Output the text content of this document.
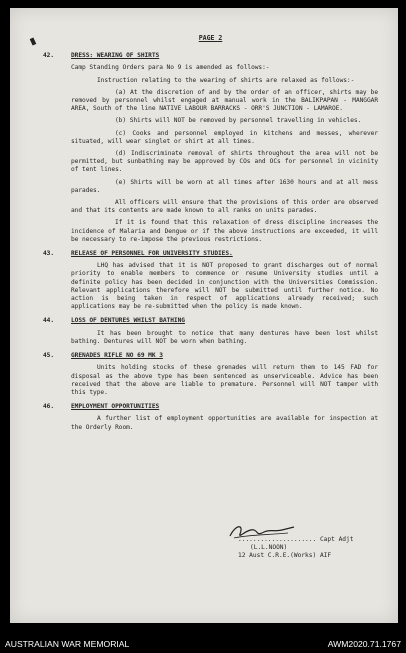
PAGE 2
42.	DRESS: WEARING OF SHIRTS
Camp Standing Orders para No 9 is amended as follows:-
Instruction relating to the wearing of shirts are relaxed as follows:-
(a) At the discretion of and by the order of an officer, shirts may be removed by personnel whilst engaged at manual work in the BALIKPAPAN - MANGGAR AREA, South of the line NATIVE LABOUR BARRACKS - ORR'S JUNCTION - LAMAROE.
(b) Shirts will NOT be removed by personnel travelling in vehicles.
(c) Cooks and personnel employed in kitchens and messes, wherever situated, will wear singlet or shirt at all times.
(d) Indiscriminate removal of shirts throughout the area will not be permitted, but sunbathing may be approved by COs and OCs for personnel in vicinity of tent lines.
(e) Shirts will be worn at all times after 1630 hours and at all mess parades.
All officers will ensure that the provisions of this order are observed and that its contents are made known to all ranks on units parades.
If it is found that this relaxation of dress discipline increases the incidence of Malaria and Dengue or if the above instructions are exceeded, it will be necessary to re-impose the previous restrictions.
43.	RELEASE OF PERSONNEL FOR UNIVERSITY STUDIES.
LHQ has advised that it is NOT proposed to grant discharges out of normal priority to enable members to commence or resume University studies until a definite policy has been decided in conjunction with the Universities Commission. Relevant applications therefore will NOT be submitted until further notice. No action is being taken in respect of applications already received; such applications may be re-submitted when the policy is made known.
44.	LOSS OF DENTURES WHILST BATHING
It has been brought to notice that many dentures have been lost whilst bathing. Dentures will NOT be worn when bathing.
45.	GRENADES RIFLE NO 69 MK 3
Units holding stocks of these grenades will return them to 145 FAD for disposal as the above type has been sentenced as unserviceable. Advice has been received that the above are liable to premature. Personnel will NOT tamper with this type.
46.	EMPLOYMENT OPPORTUNITIES
A further list of employment opportunities are available for inspection at the Orderly Room.
..................... Capt Adjt
(L.L.NOON)
12 Aust C.R.E.(Works) AIF
AUSTRALIAN WAR MEMORIAL	AWM2020.71.1767
